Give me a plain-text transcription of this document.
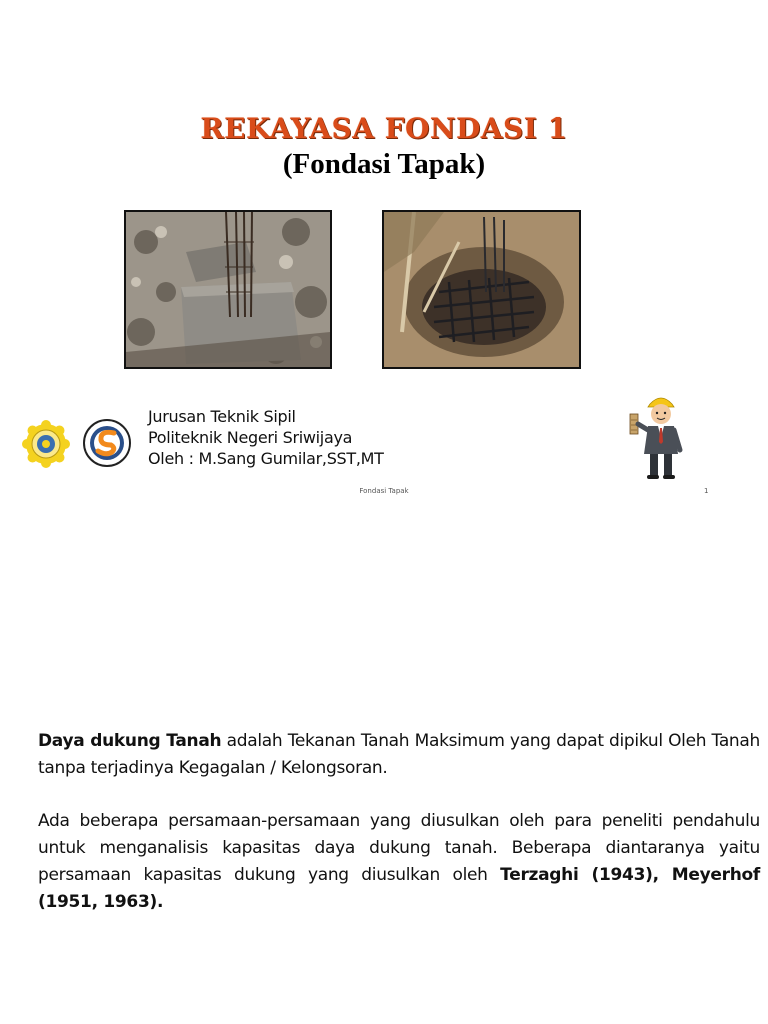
REKAYASA FONDASI 1
(Fondasi Tapak)
Jurusan Teknik Sipil
Politeknik Negeri Sriwijaya
Oleh : M.Sang Gumilar,SST,MT
Fondasi Tapak	1
Daya dukung Tanah adalah Tekanan Tanah Maksimum yang dapat dipikul Oleh Tanah tanpa terjadinya Kegagalan / Kelongsoran.
Ada beberapa persamaan-persamaan yang diusulkan oleh para peneliti pendahulu untuk menganalisis kapasitas daya dukung tanah. Beberapa diantaranya yaitu persamaan kapasitas dukung yang diusulkan oleh Terzaghi (1943), Meyerhof (1951, 1963).
